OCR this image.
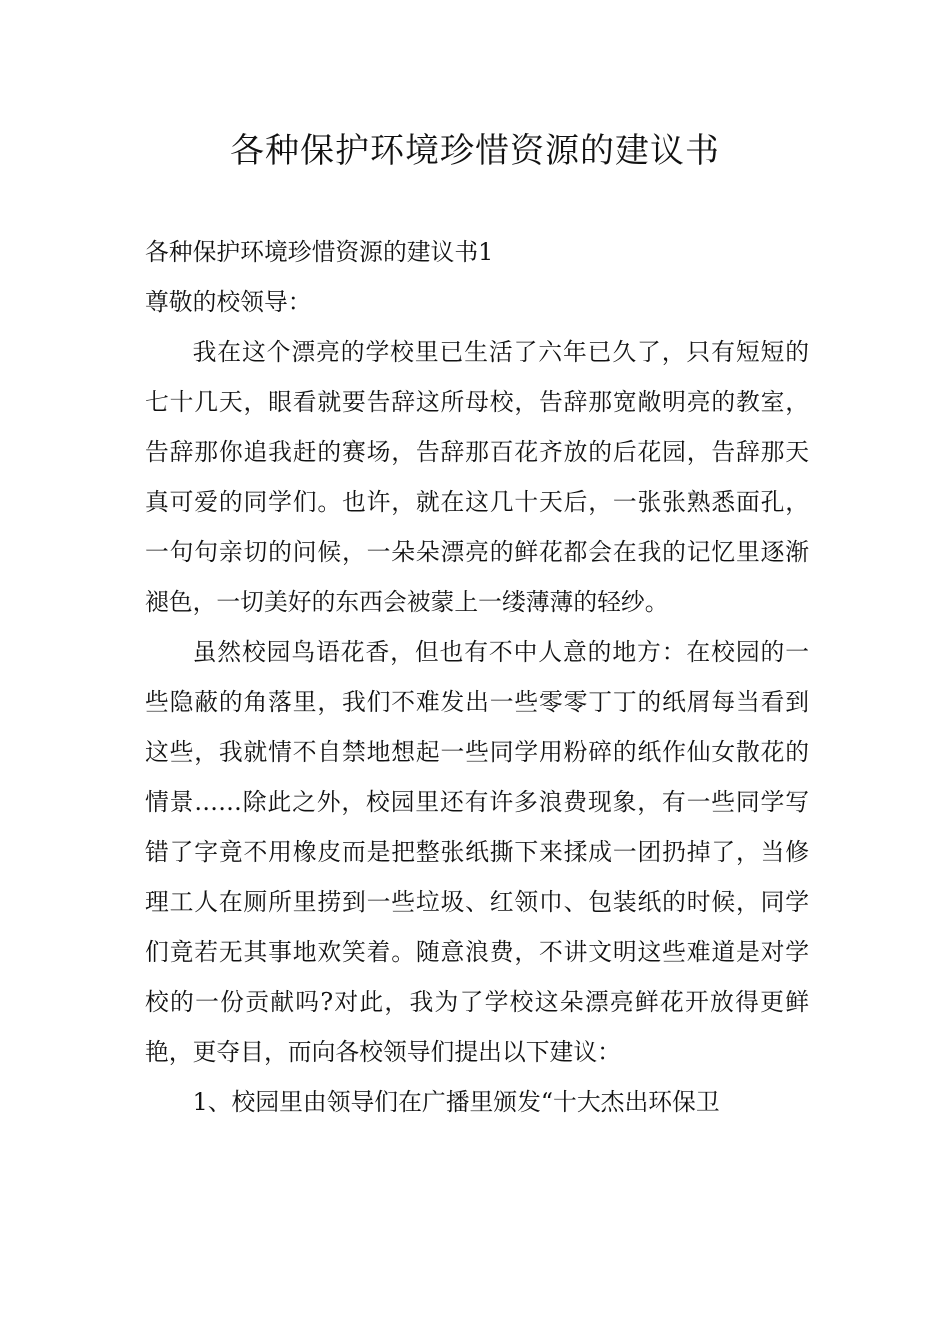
各种保护环境珍惜资源的建议书

各种保护环境珍惜资源的建议书1

尊敬的校领导：

我在这个漂亮的学校里已生活了六年已久了，只有短短的七十几天，眼看就要告辞这所母校，告辞那宽敞明亮的教室，告辞那你追我赶的赛场，告辞那百花齐放的后花园，告辞那天真可爱的同学们。也许，就在这几十天后，一张张熟悉面孔，一句句亲切的问候，一朵朵漂亮的鲜花都会在我的记忆里逐渐褪色，一切美好的东西会被蒙上一缕薄薄的轻纱。

虽然校园鸟语花香，但也有不中人意的地方：在校园的一些隐蔽的角落里，我们不难发出一些零零丁丁的纸屑每当看到这些，我就情不自禁地想起一些同学用粉碎的纸作仙女散花的情景……除此之外，校园里还有许多浪费现象，有一些同学写错了字竟不用橡皮而是把整张纸撕下来揉成一团扔掉了，当修理工人在厕所里捞到一些垃圾、红领巾、包装纸的时候，同学们竟若无其事地欢笑着。随意浪费，不讲文明这些难道是对学校的一份贡献吗?对此，我为了学校这朵漂亮鲜花开放得更鲜艳，更夺目，而向各校领导们提出以下建议：

1、校园里由领导们在广播里颁发“十大杰出环保卫
